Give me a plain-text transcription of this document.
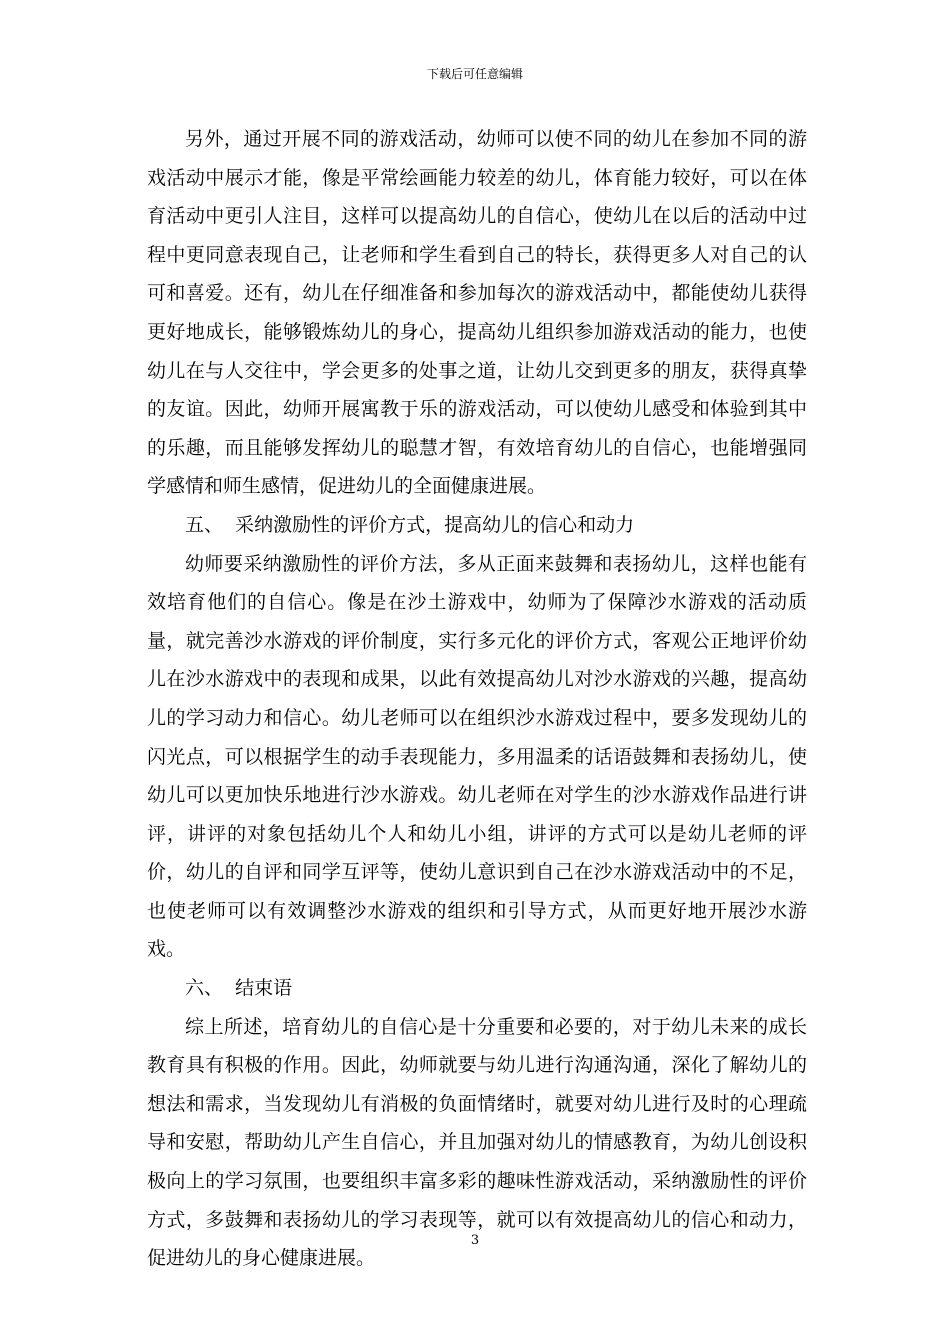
下载后可任意编辑

另外，通过开展不同的游戏活动，幼师可以使不同的幼儿在参加不同的游戏活动中展示才能，像是平常绘画能力较差的幼儿，体育能力较好，可以在体育活动中更引人注目，这样可以提高幼儿的自信心，使幼儿在以后的活动中过程中更同意表现自己，让老师和学生看到自己的特长，获得更多人对自己的认可和喜爱。还有，幼儿在仔细准备和参加每次的游戏活动中，都能使幼儿获得更好地成长，能够锻炼幼儿的身心，提高幼儿组织参加游戏活动的能力，也使幼儿在与人交往中，学会更多的处事之道，让幼儿交到更多的朋友，获得真挚的友谊。因此，幼师开展寓教于乐的游戏活动，可以使幼儿感受和体验到其中的乐趣，而且能够发挥幼儿的聪慧才智，有效培育幼儿的自信心，也能增强同学感情和师生感情，促进幼儿的全面健康进展。

五、  采纳激励性的评价方式，提高幼儿的信心和动力

幼师要采纳激励性的评价方法，多从正面来鼓舞和表扬幼儿，这样也能有效培育他们的自信心。像是在沙土游戏中，幼师为了保障沙水游戏的活动质量，就完善沙水游戏的评价制度，实行多元化的评价方式，客观公正地评价幼儿在沙水游戏中的表现和成果，以此有效提高幼儿对沙水游戏的兴趣，提高幼儿的学习动力和信心。幼儿老师可以在组织沙水游戏过程中，要多发现幼儿的闪光点，可以根据学生的动手表现能力，多用温柔的话语鼓舞和表扬幼儿，使幼儿可以更加快乐地进行沙水游戏。幼儿老师在对学生的沙水游戏作品进行讲评，讲评的对象包括幼儿个人和幼儿小组，讲评的方式可以是幼儿老师的评价，幼儿的自评和同学互评等，使幼儿意识到自己在沙水游戏活动中的不足，也使老师可以有效调整沙水游戏的组织和引导方式，从而更好地开展沙水游戏。

六、  结束语

综上所述，培育幼儿的自信心是十分重要和必要的，对于幼儿未来的成长教育具有积极的作用。因此，幼师就要与幼儿进行沟通沟通，深化了解幼儿的想法和需求，当发现幼儿有消极的负面情绪时，就要对幼儿进行及时的心理疏导和安慰，帮助幼儿产生自信心，并且加强对幼儿的情感教育，为幼儿创设积极向上的学习氛围，也要组织丰富多彩的趣味性游戏活动，采纳激励性的评价方式，多鼓舞和表扬幼儿的学习表现等，就可以有效提高幼儿的信心和动力，促进幼儿的身心健康进展。

3
